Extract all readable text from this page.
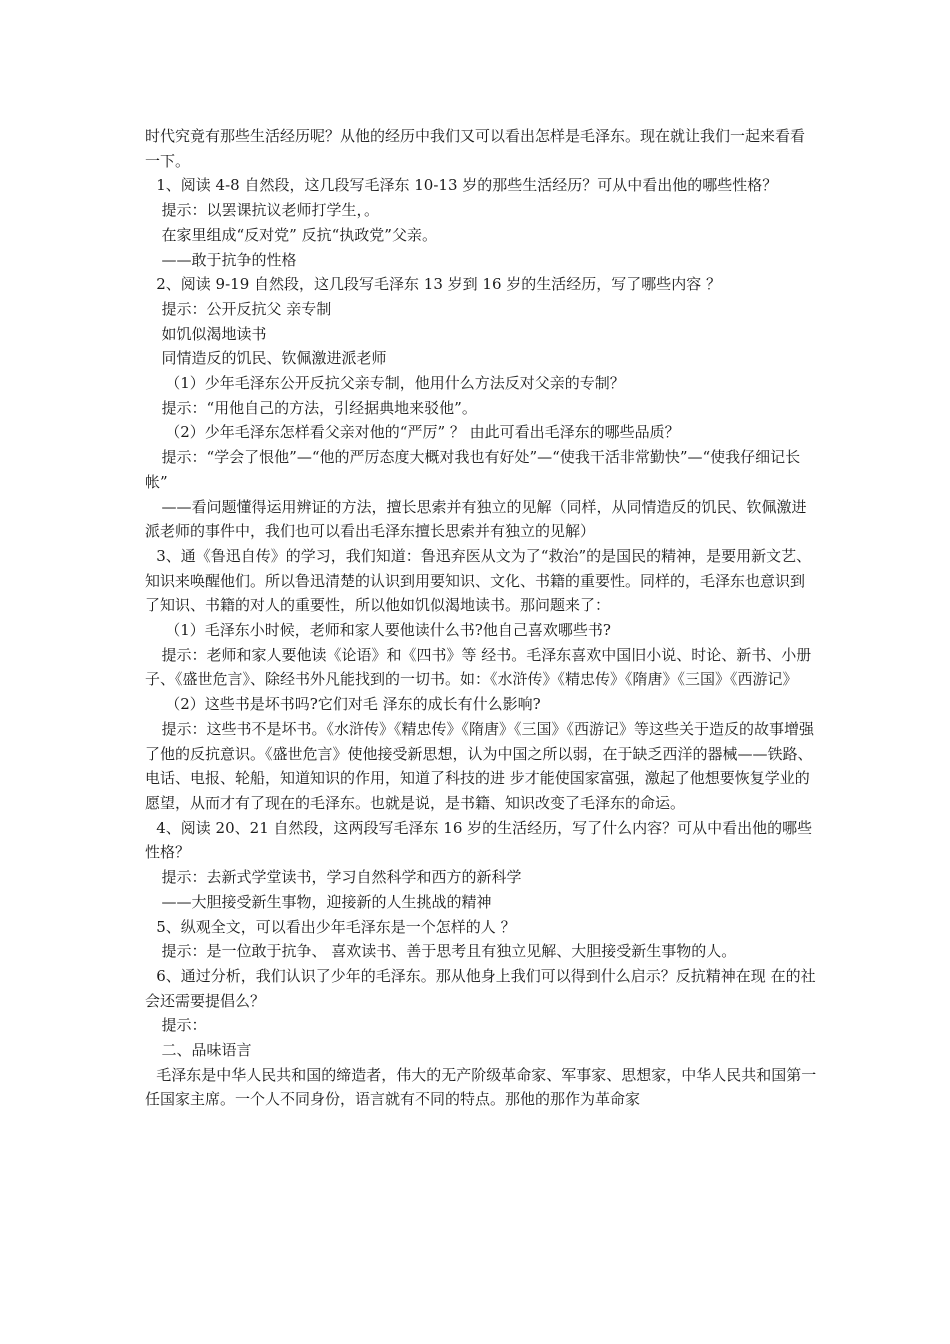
时代究竟有那些生活经历呢？从他的经历中我们又可以看出怎样是毛泽东。现在就让我们一起来看看一下。

1、阅读 4-8 自然段，这几段写毛泽东 10-13 岁的那些生活经历？可从中看出他的哪些性格？

提示：以罢课抗议老师打学生，。

在家里组成“反对党” 反抗“执政党”父亲。

——敢于抗争的性格

2、阅读 9-19 自然段，这几段写毛泽东 13 岁到 16 岁的生活经历，写了哪些内容 ？

提示：公开反抗父 亲专制

如饥似渴地读书

同情造反的饥民、钦佩激进派老师

（1）少年毛泽东公开反抗父亲专制，他用什么方法反对父亲的专制？

提示：“用他自己的方法，引经据典地来驳他”。

（2）少年毛泽东怎样看父亲对他的“严厉” ？ 由此可看出毛泽东的哪些品质？

提示：“学会了恨他”—“他的严厉态度大概对我也有好处”—“使我干活非常勤快”—“使我仔细记长帐”

——看问题懂得运用辨证的方法，擅长思索并有独立的见解（同样，从同情造反的饥民、钦佩激进派老师的事件中，我们也可以看出毛泽东擅长思索并有独立的见解）

3、通《鲁迅自传》的学习，我们知道：鲁迅弃医从文为了“救治”的是国民的精神，是要用新文艺、知识来唤醒他们。所以鲁迅清楚的认识到用要知识、文化、书籍的重要性。同样的，毛泽东也意识到了知识、书籍的对人的重要性，所以他如饥似渴地读书。那问题来了：

（1）毛泽东小时候，老师和家人要他读什么书?他自己喜欢哪些书?

提示：老师和家人要他读《论语》和《四书》等 经书。毛泽东喜欢中国旧小说、时论、新书、小册子、《盛世危言》、除经书外凡能找到的一切书。如：《水浒传》《精忠传》《隋唐》《三国》《西游记》

（2）这些书是坏书吗?它们对毛 泽东的成长有什么影响?

提示：这些书不是坏书。《水浒传》《精忠传》《隋唐》《三国》《西游记》等这些关于造反的故事增强了他的反抗意识。《盛世危言》使他接受新思想，认为中国之所以弱，在于缺乏西洋的器械——铁路、电话、电报、轮船，知道知识的作用，知道了科技的进 步才能使国家富强，激起了他想要恢复学业的愿望，从而才有了现在的毛泽东。也就是说，是书籍、知识改变了毛泽东的命运。

4、阅读 20、21 自然段，这两段写毛泽东 16 岁的生活经历，写了什么内容？可从中看出他的哪些性格？

提示：去新式学堂读书，学习自然科学和西方的新科学

——大胆接受新生事物，迎接新的人生挑战的精神

5、纵观全文，可以看出少年毛泽东是一个怎样的人 ？

提示：是一位敢于抗争、 喜欢读书、善于思考且有独立见解、大胆接受新生事物的人。

6、通过分析，我们认识了少年的毛泽东。那从他身上我们可以得到什么启示？反抗精神在现 在的社会还需要提倡么？

提示：

二、品味语言

毛泽东是中华人民共和国的缔造者，伟大的无产阶级革命家、军事家、思想家，中华人民共和国第一任国家主席。一个人不同身份，语言就有不同的特点。那他的那作为革命家
